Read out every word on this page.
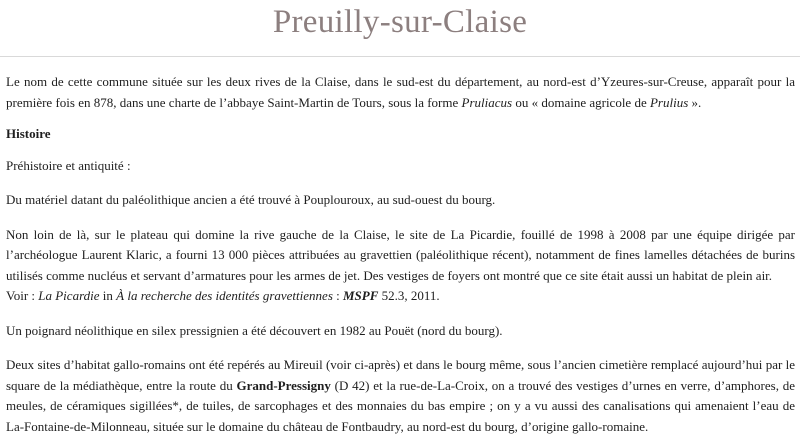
Preuilly-sur-Claise

Le nom de cette commune située sur les deux rives de la Claise, dans le sud-est du département, au nord-est d’Yzeures-sur-Creuse, apparaît pour la première fois en 878, dans une charte de l’abbaye Saint-Martin de Tours, sous la forme Pruliacus ou « domaine agricole de Prulius ».

Histoire

Préhistoire et antiquité :

Du matériel datant du paléolithique ancien a été trouvé à Pouplouroux, au sud-ouest du bourg.

Non loin de là, sur le plateau qui domine la rive gauche de la Claise, le site de La Picardie, fouillé de 1998 à 2008 par une équipe dirigée par l’archéologue Laurent Klaric, a fourni 13 000 pièces attribuées au gravettien (paléolithique récent), notamment de fines lamelles détachées de burins utilisés comme nucléus et servant d’armatures pour les armes de jet. Des vestiges de foyers ont montré que ce site était aussi un habitat de plein air.
Voir : La Picardie in À la recherche des identités gravettiennes : MSPF 52.3, 2011.

Un poignard néolithique en silex pressignien a été découvert en 1982 au Pouët (nord du bourg).

Deux sites d’habitat gallo-romains ont été repérés au Mireuil (voir ci-après) et dans le bourg même, sous l’ancien cimetière remplacé aujourd’hui par le square de la médiathèque, entre la route du Grand-Pressigny (D 42) et la rue-de-La-Croix, on a trouvé des vestiges d’urnes en verre, d’amphores, de meules, de céramiques sigillées*, de tuiles, de sarcophages et des monnaies du bas empire ; on y a vu aussi des canalisations qui amenaient l’eau de La-Fontaine-de-Milonneau, située sur le domaine du château de Fontbaudry, au nord-est du bourg, d’origine gallo-romaine.
